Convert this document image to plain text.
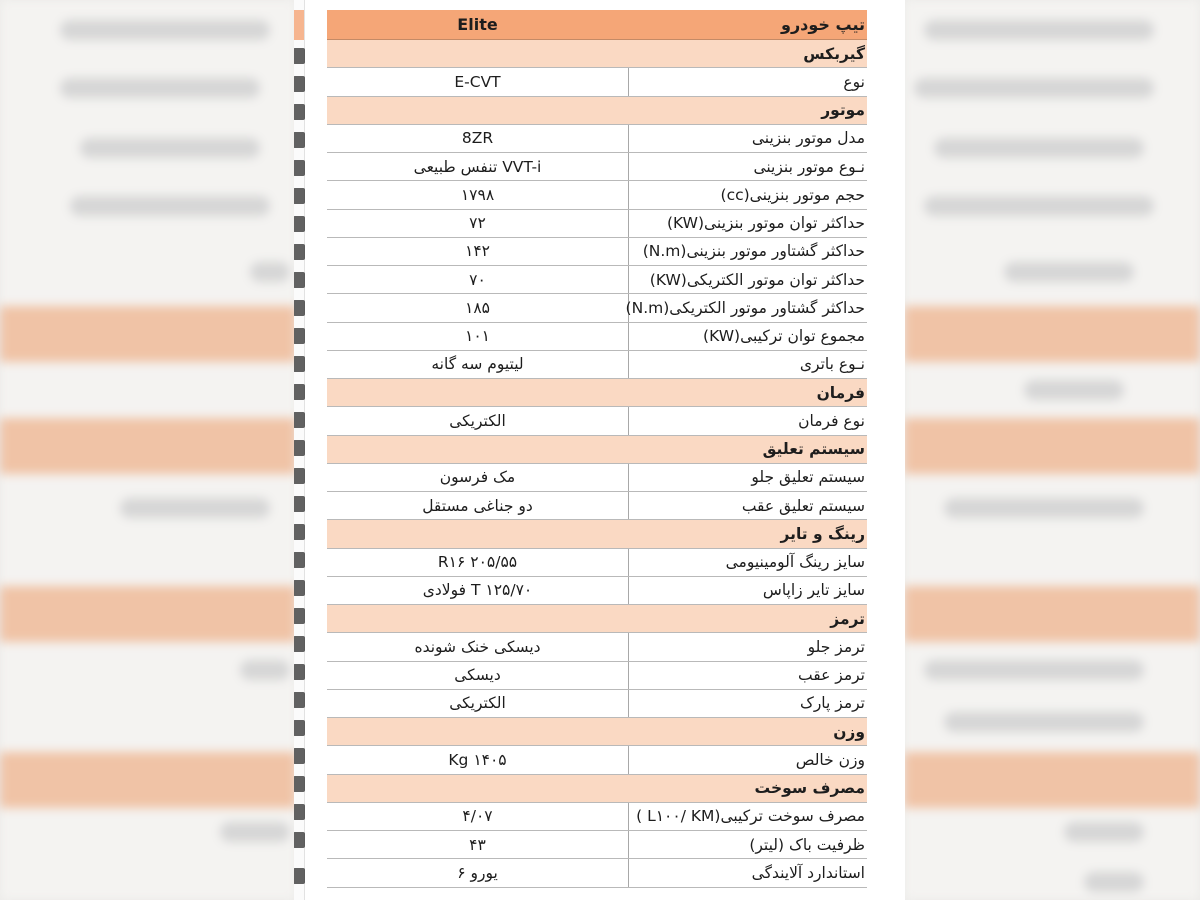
تیپ خودرو
Elite
گیربکس
نوع
E-CVT
موتور
مدل موتور بنزینی
8ZR
نـوع موتور بنزینی
VVT-i تنفس طبیعی
حجم موتور بنزینی(cc)
۱۷۹۸
حداکثر توان موتور بنزینی(KW)
۷۲
حداکثر گشتاور موتور بنزینی(N.m)
۱۴۲
حداکثر توان موتور الکتریکی(KW)
۷۰
حداکثر گشتاور موتور الکتریکی(N.m)
۱۸۵
مجموع توان ترکیبی(KW)
۱۰۱
نـوع باتری
لیتیوم سه گانه
فرمان
نوع فرمان
الکتریکی
سیستم تعلیق
سیستم تعلیق جلو
مک فرسون
سیستم تعلیق عقب
دو جناغی مستقل
رینگ و تایر
سایز رینگ آلومینیومی
۲۰۵/۵۵ R۱۶
سایز تایر زاپاس
T ۱۲۵/۷۰ فولادی
ترمز
ترمز جلو
دیسکی خنک شونده
ترمز عقب
دیسکی
ترمز پارک
الکتریکی
وزن
وزن خالص
۱۴۰۵ Kg
مصرف سوخت
مصرف سوخت ترکیبی(L۱۰۰/ KM )
۴/۰۷
ظرفیت باک (لیتر)
۴۳
استاندارد آلایندگی
یورو ۶
